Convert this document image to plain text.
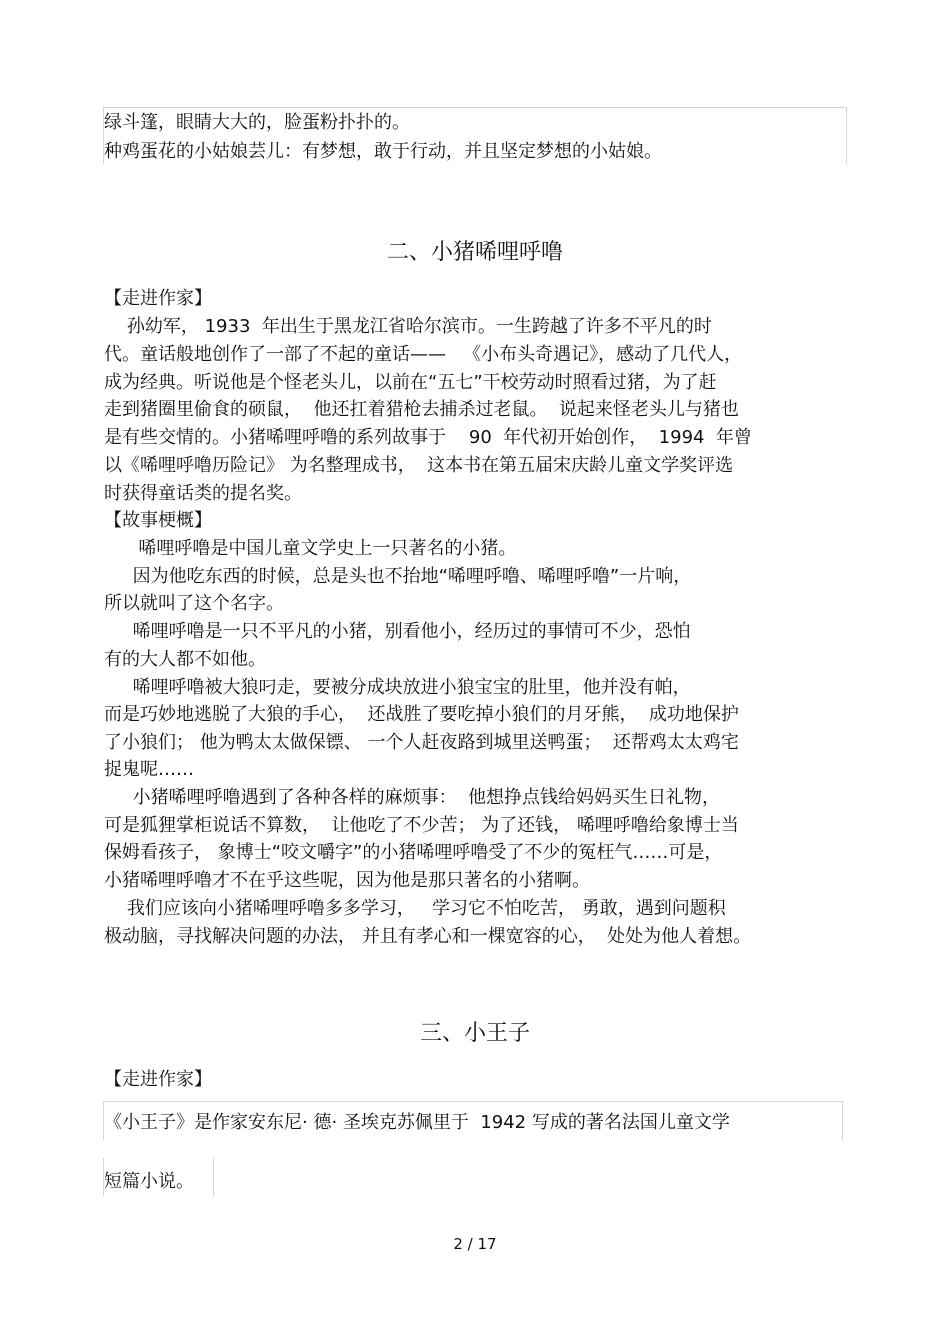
绿斗篷，眼睛大大的，脸蛋粉扑扑的。
种鸡蛋花的小姑娘芸儿：有梦想，敢于行动，并且坚定梦想的小姑娘。
二、小猪唏哩呼噜
【走进作家】
孙幼军， 1933  年出生于黑龙江省哈尔滨市。一生跨越了许多不平凡的时
代。童话般地创作了一部了不起的童话——   《小布头奇遇记》，感动了几代人，
成为经典。听说他是个怪老头儿，以前在“五七”干校劳动时照看过猪，为了赶
走到猪圈里偷食的硕鼠，  他还扛着猎枪去捕杀过老鼠。  说起来怪老头儿与猪也
是有些交情的。小猪唏哩呼噜的系列故事于    90  年代初开始创作，  1994  年曾
以《唏哩呼噜历险记》 为名整理成书，  这本书在第五届宋庆龄儿童文学奖评选
时获得童话类的提名奖。
【故事梗概】
唏哩呼噜是中国儿童文学史上一只著名的小猪。
因为他吃东西的时候，总是头也不抬地“唏哩呼噜、唏哩呼噜”一片响，
所以就叫了这个名字。
唏哩呼噜是一只不平凡的小猪，别看他小，经历过的事情可不少，恐怕
有的大人都不如他。
唏哩呼噜被大狼叼走，要被分成块放进小狼宝宝的肚里，他并没有帕，
而是巧妙地逃脱了大狼的手心，  还战胜了要吃掉小狼们的月牙熊，  成功地保护
了小狼们； 他为鸭太太做保镖、 一个人赶夜路到城里送鸭蛋；  还帮鸡太太鸡宅
捉鬼呢……
小猪唏哩呼噜遇到了各种各样的麻烦事：  他想挣点钱给妈妈买生日礼物，
可是狐狸掌柜说话不算数，  让他吃了不少苦； 为了还钱， 唏哩呼噜给象博士当
保姆看孩子， 象博士“咬文嚼字”的小猪唏哩呼噜受了不少的冤枉气……可是，
小猪唏哩呼噜才不在乎这些呢，因为他是那只著名的小猪啊。
我们应该向小猪唏哩呼噜多多学习，   学习它不怕吃苦， 勇敢，遇到问题积
极动脑，寻找解决问题的办法， 并且有孝心和一棵宽容的心，  处处为他人着想。
三、小王子
【走进作家】
《小王子》是作家安东尼· 德· 圣埃克苏佩里于  1942 写成的著名法国儿童文学
短篇小说。
2 / 17
